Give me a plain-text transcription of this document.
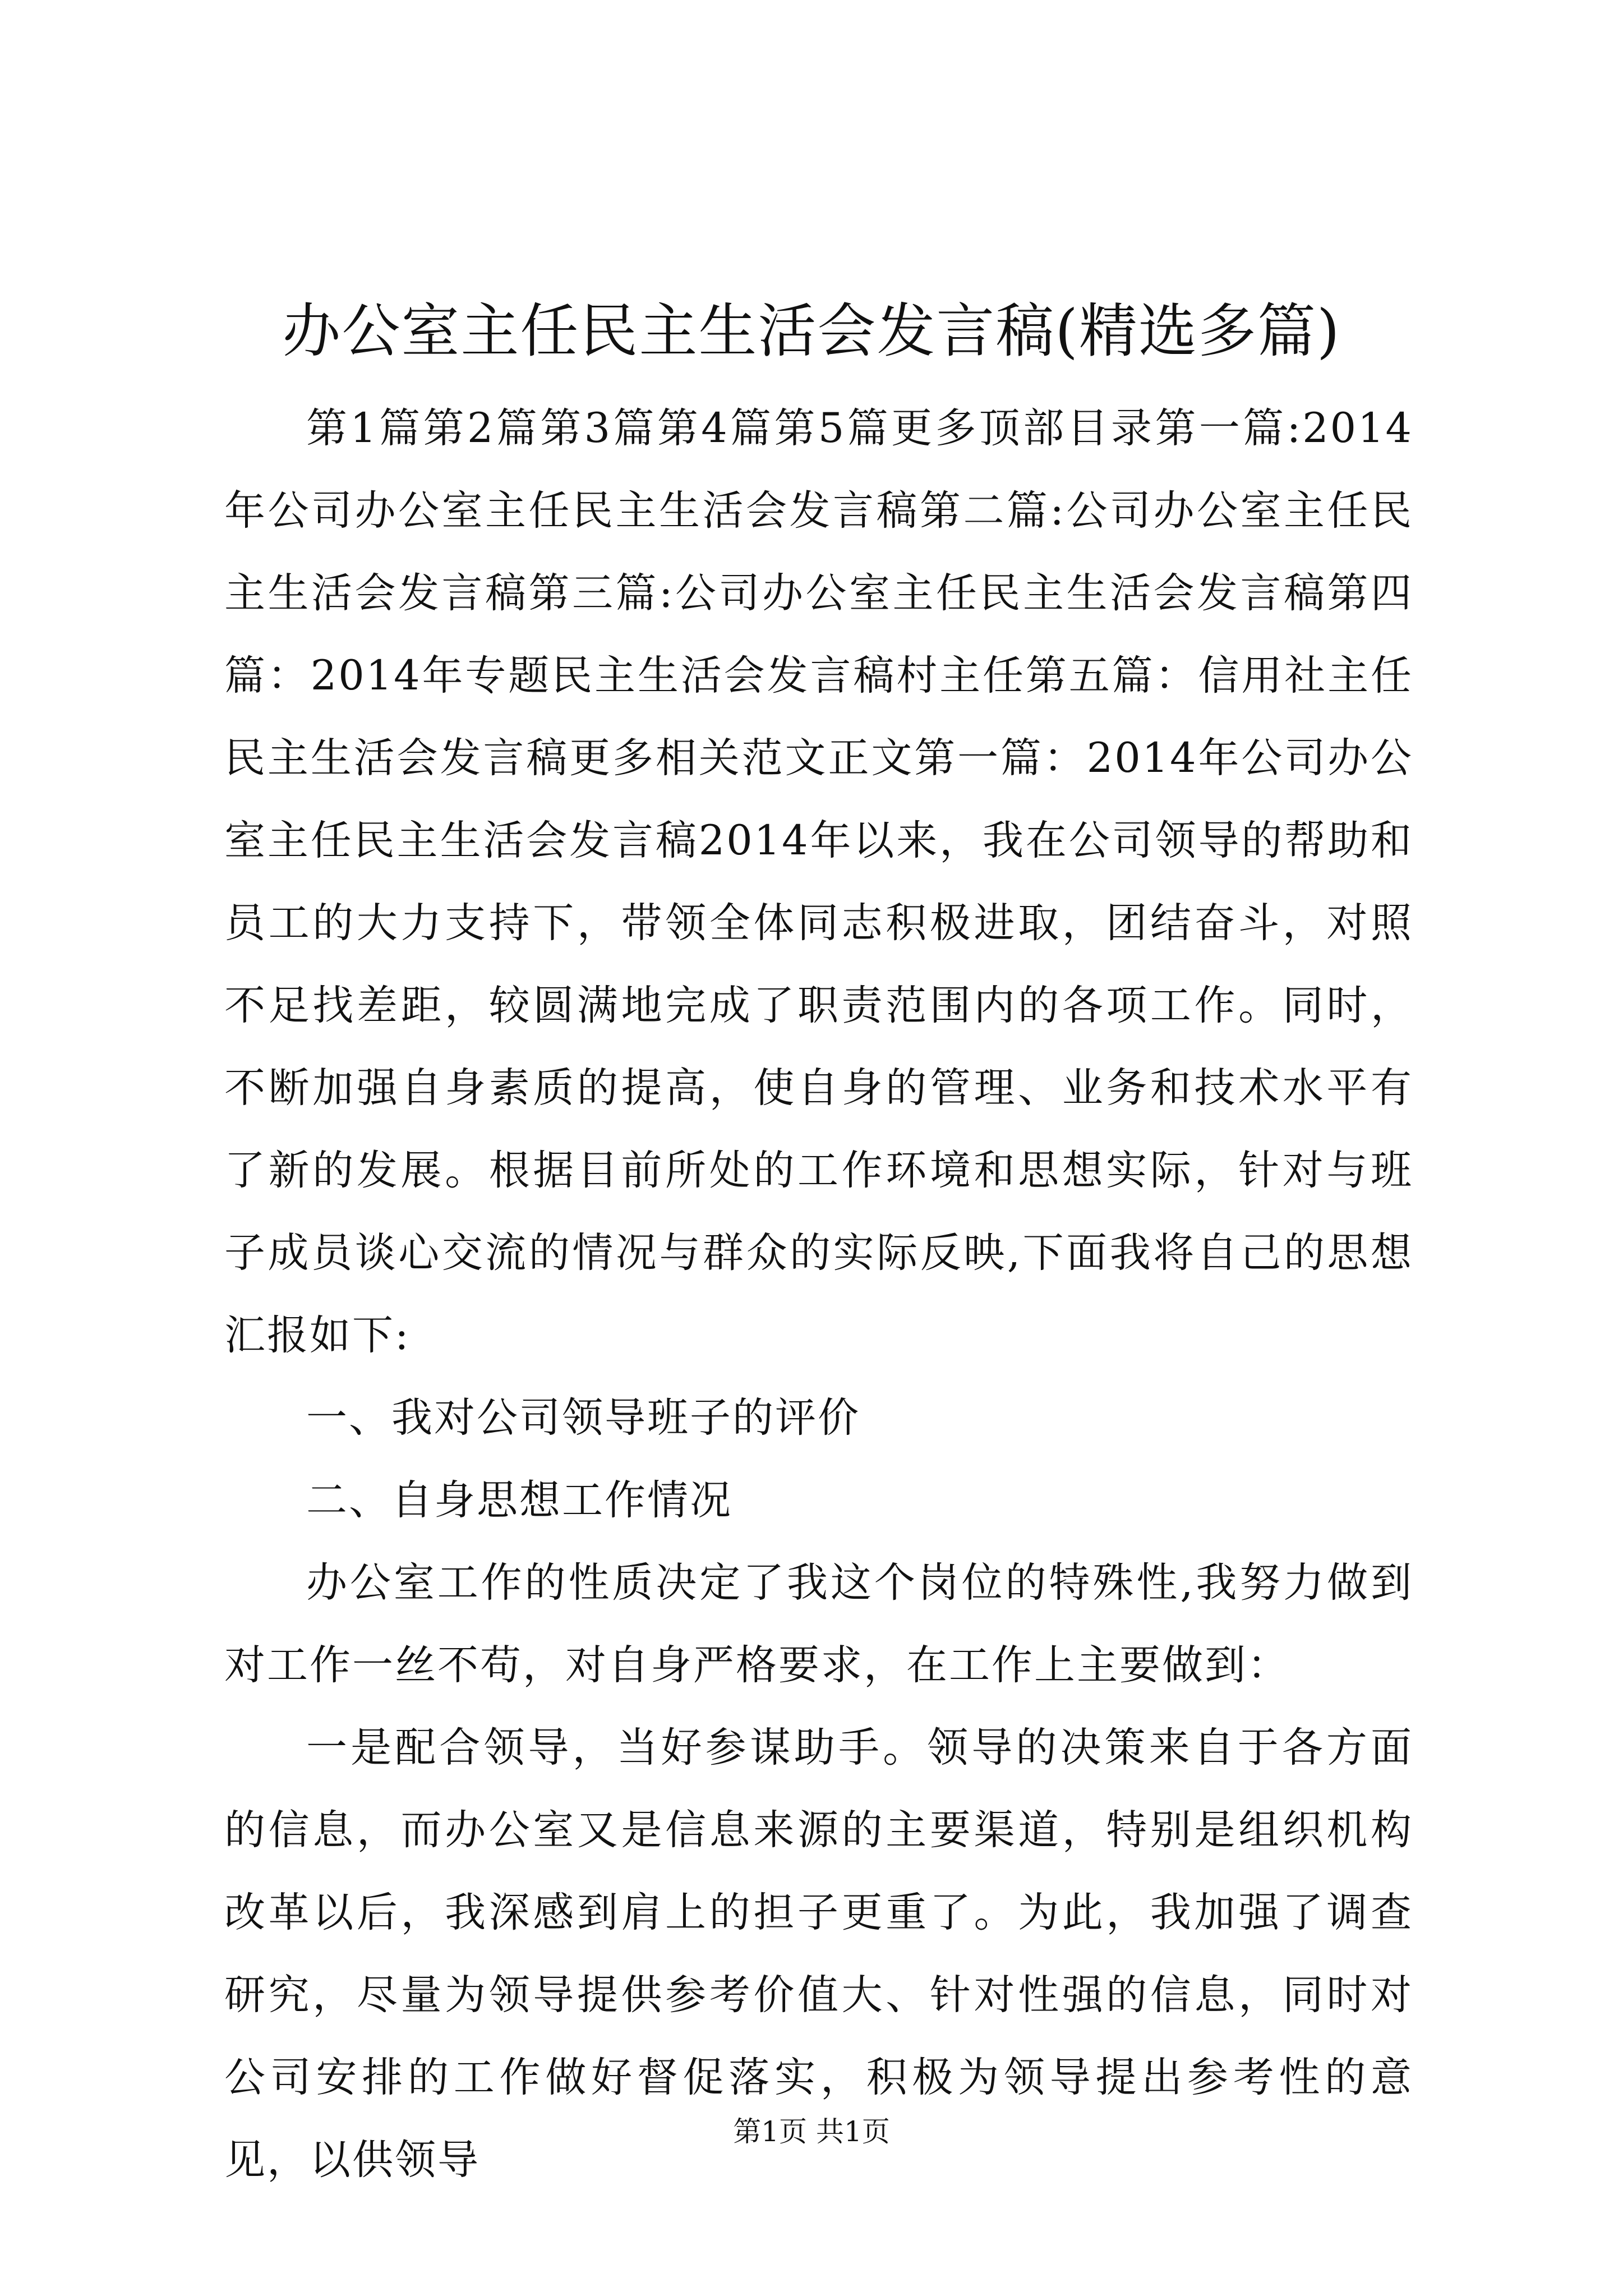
办公室主任民主生活会发言稿(精选多篇)

第1篇第2篇第3篇第4篇第5篇更多顶部目录第一篇:2014年公司办公室主任民主生活会发言稿第二篇:公司办公室主任民主生活会发言稿第三篇:公司办公室主任民主生活会发言稿第四篇：2014年专题民主生活会发言稿村主任第五篇：信用社主任民主生活会发言稿更多相关范文正文第一篇：2014年公司办公室主任民主生活会发言稿2014年以来，我在公司领导的帮助和员工的大力支持下，带领全体同志积极进取，团结奋斗，对照不足找差距，较圆满地完成了职责范围内的各项工作。同时，不断加强自身素质的提高，使自身的管理、业务和技术水平有了新的发展。根据目前所处的工作环境和思想实际，针对与班子成员谈心交流的情况与群众的实际反映,下面我将自己的思想汇报如下:

一、我对公司领导班子的评价

二、自身思想工作情况

办公室工作的性质决定了我这个岗位的特殊性,我努力做到对工作一丝不苟，对自身严格要求，在工作上主要做到：

一是配合领导，当好参谋助手。领导的决策来自于各方面的信息，而办公室又是信息来源的主要渠道，特别是组织机构改革以后，我深感到肩上的担子更重了。为此，我加强了调查研究，尽量为领导提供参考价值大、针对性强的信息，同时对公司安排的工作做好督促落实，积极为领导提出参考性的意见，以供领导

第1页 共1页
